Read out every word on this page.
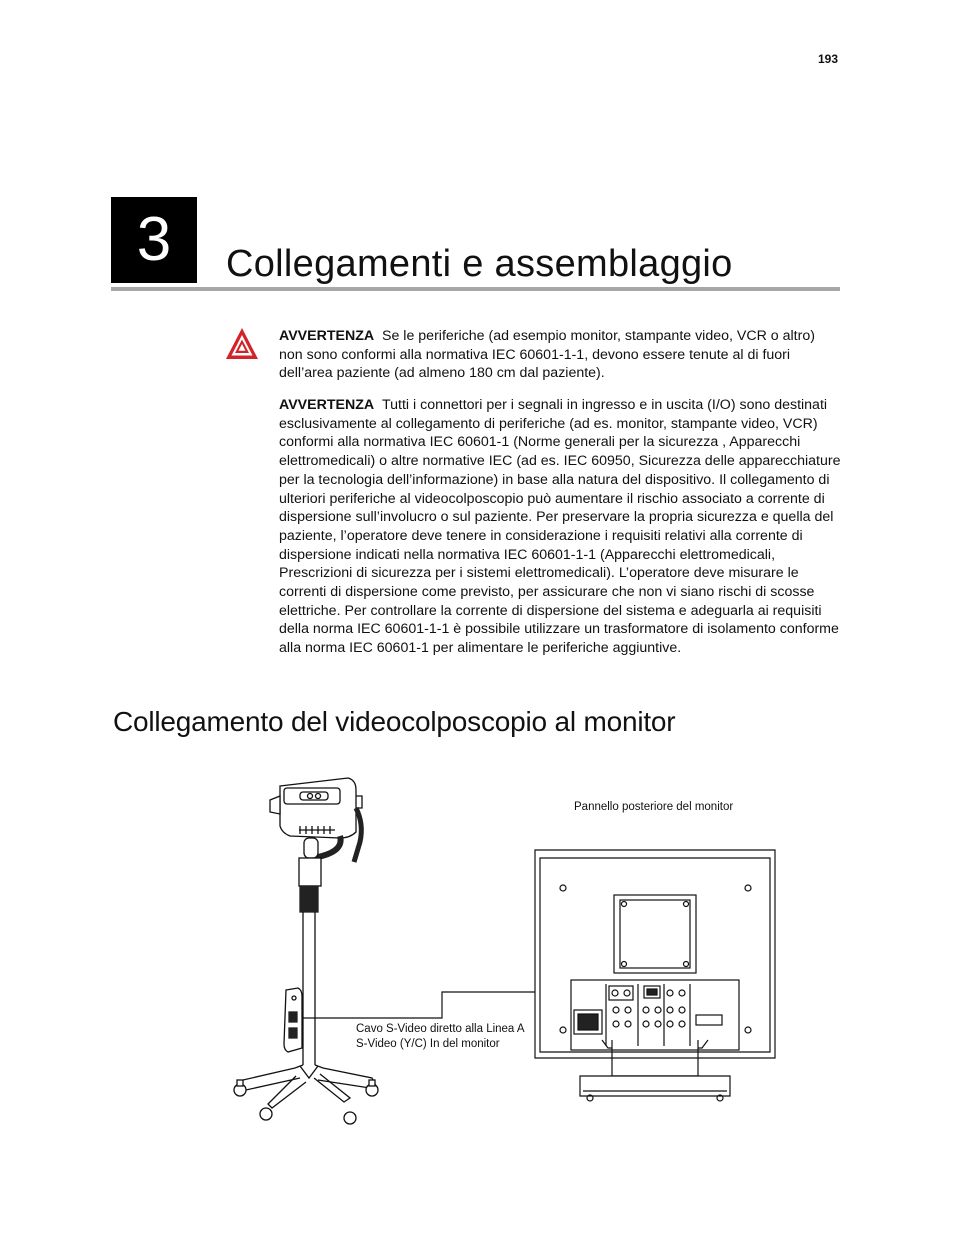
193
3	Collegamenti e assemblaggio

AVVERTENZA Se le periferiche (ad esempio monitor, stampante video, VCR o altro) non sono conformi alla normativa IEC 60601-1-1, devono essere tenute al di fuori dell’area paziente (ad almeno 180 cm dal paziente).

AVVERTENZA Tutti i connettori per i segnali in ingresso e in uscita (I/O) sono destinati esclusivamente al collegamento di periferiche (ad es. monitor, stampante video, VCR) conformi alla normativa IEC 60601-1 (Norme generali per la sicurezza , Apparecchi elettromedicali) o altre normative IEC (ad es. IEC 60950, Sicurezza delle apparecchiature per la tecnologia dell’informazione) in base alla natura del dispositivo. Il collegamento di ulteriori periferiche al videocolposcopio può aumentare il rischio associato a corrente di dispersione sull’involucro o sul paziente. Per preservare la propria sicurezza e quella del paziente, l’operatore deve tenere in considerazione i requisiti relativi alla corrente di dispersione indicati nella normativa IEC 60601-1-1 (Apparecchi elettromedicali, Prescrizioni di sicurezza per i sistemi elettromedicali). L’operatore deve misurare le correnti di dispersione come previsto, per assicurare che non vi siano rischi di scosse elettriche. Per controllare la corrente di dispersione del sistema e adeguarla ai requisiti della norma IEC 60601-1-1 è possibile utilizzare un trasformatore di isolamento conforme alla norma IEC 60601-1 per alimentare le periferiche aggiuntive.

Collegamento del videocolposcopio al monitor
Pannello posteriore del monitor
Cavo S-Video diretto alla Linea A S-Video (Y/C) In del monitor
